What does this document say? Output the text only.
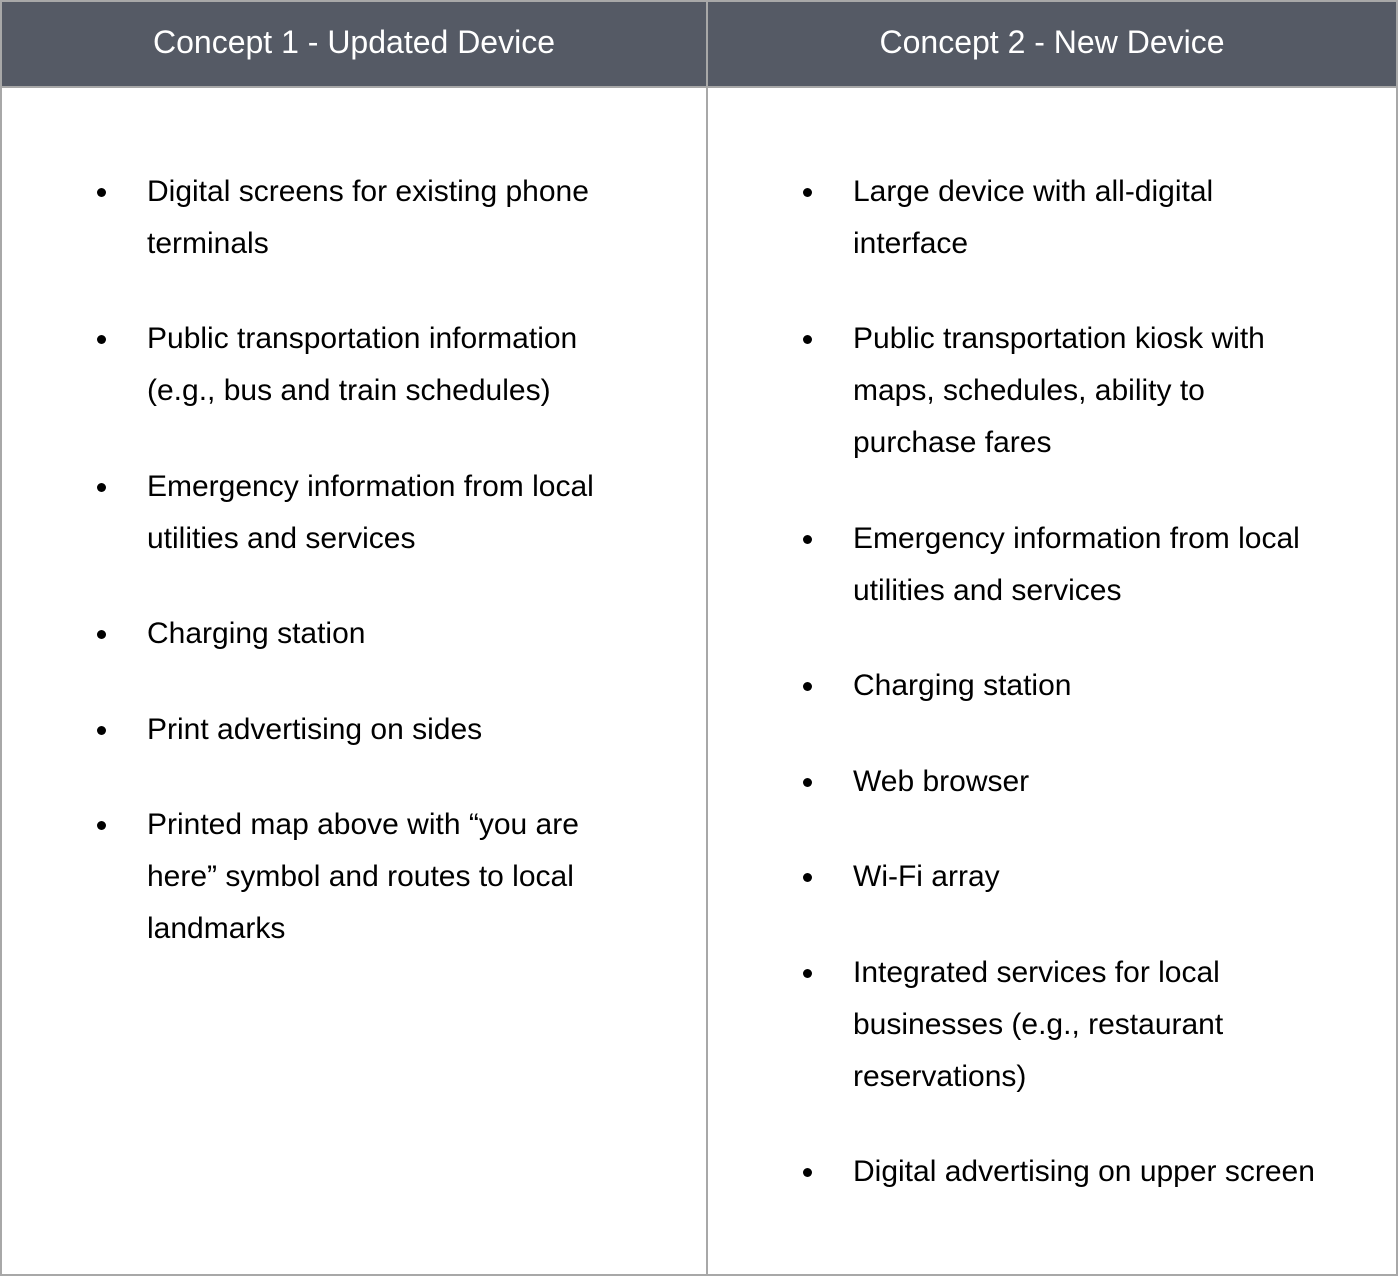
Concept 1 - Updated Device	Concept 2 - New Device
Digital screens for existing phone terminals
Public transportation information (e.g., bus and train schedules)
Emergency information from local utilities and services
Charging station
Print advertising on sides
Printed map above with “you are here” symbol and routes to local landmarks
Large device with all-digital interface
Public transportation kiosk with maps, schedules, ability to purchase fares
Emergency information from local utilities and services
Charging station
Web browser
Wi-Fi array
Integrated services for local businesses (e.g., restaurant reservations)
Digital advertising on upper screen
